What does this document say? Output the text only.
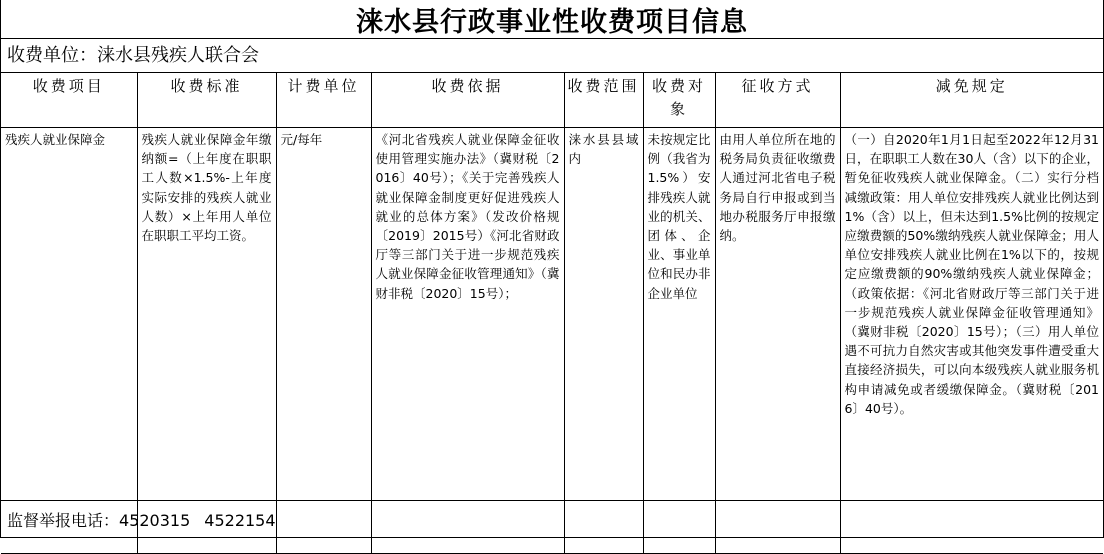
涞水县行政事业性收费项目信息
收费单位：涞水县残疾人联合会
收费项目	收费标准	计费单位	收费依据	收费范围	收费对象	征收方式	减免规定
残疾人就业保障金	残疾人就业保障金年缴纳额=（上年度在职职工人数×1.5%-上年度实际安排的残疾人就业人数）×上年用人单位在职职工平均工资。	元/每年	《河北省残疾人就业保障金征收使用管理实施办法》（冀财税〔2016〕40号）；《关于完善残疾人就业保障金制度更好促进残疾人就业的总体方案》（发改价格规〔2019〕2015号）《河北省财政厅等三部门关于进一步规范残疾人就业保障金征收管理通知》（冀财非税〔2020〕15号）；	涞水县县域内	未按规定比例（我省为1.5%）安排残疾人就业的机关、团体、企业、事业单位和民办非企业单位	由用人单位所在地的税务局负责征收缴费人通过河北省电子税务局自行申报或到当地办税服务厅申报缴纳。	（一）自2020年1月1日起至2022年12月31日，在职职工人数在30人（含）以下的企业，暂免征收残疾人就业保障金。（二）实行分档减缴政策：用人单位安排残疾人就业比例达到1%（含）以上，但未达到1.5%比例的按规定应缴费额的50%缴纳残疾人就业保障金；用人单位安排残疾人就业比例在1%以下的，按规定应缴费额的90%缴纳残疾人就业保障金；（政策依据：《河北省财政厅等三部门关于进一步规范残疾人就业保障金征收管理通知》（冀财非税〔2020〕15号）；（三）用人单位遇不可抗力自然灾害或其他突发事件遭受重大直接经济损失，可以向本级残疾人就业服务机构申请减免或者缓缴保障金。（冀财税〔2016〕40号）。
监督举报电话：4520315 4522154
